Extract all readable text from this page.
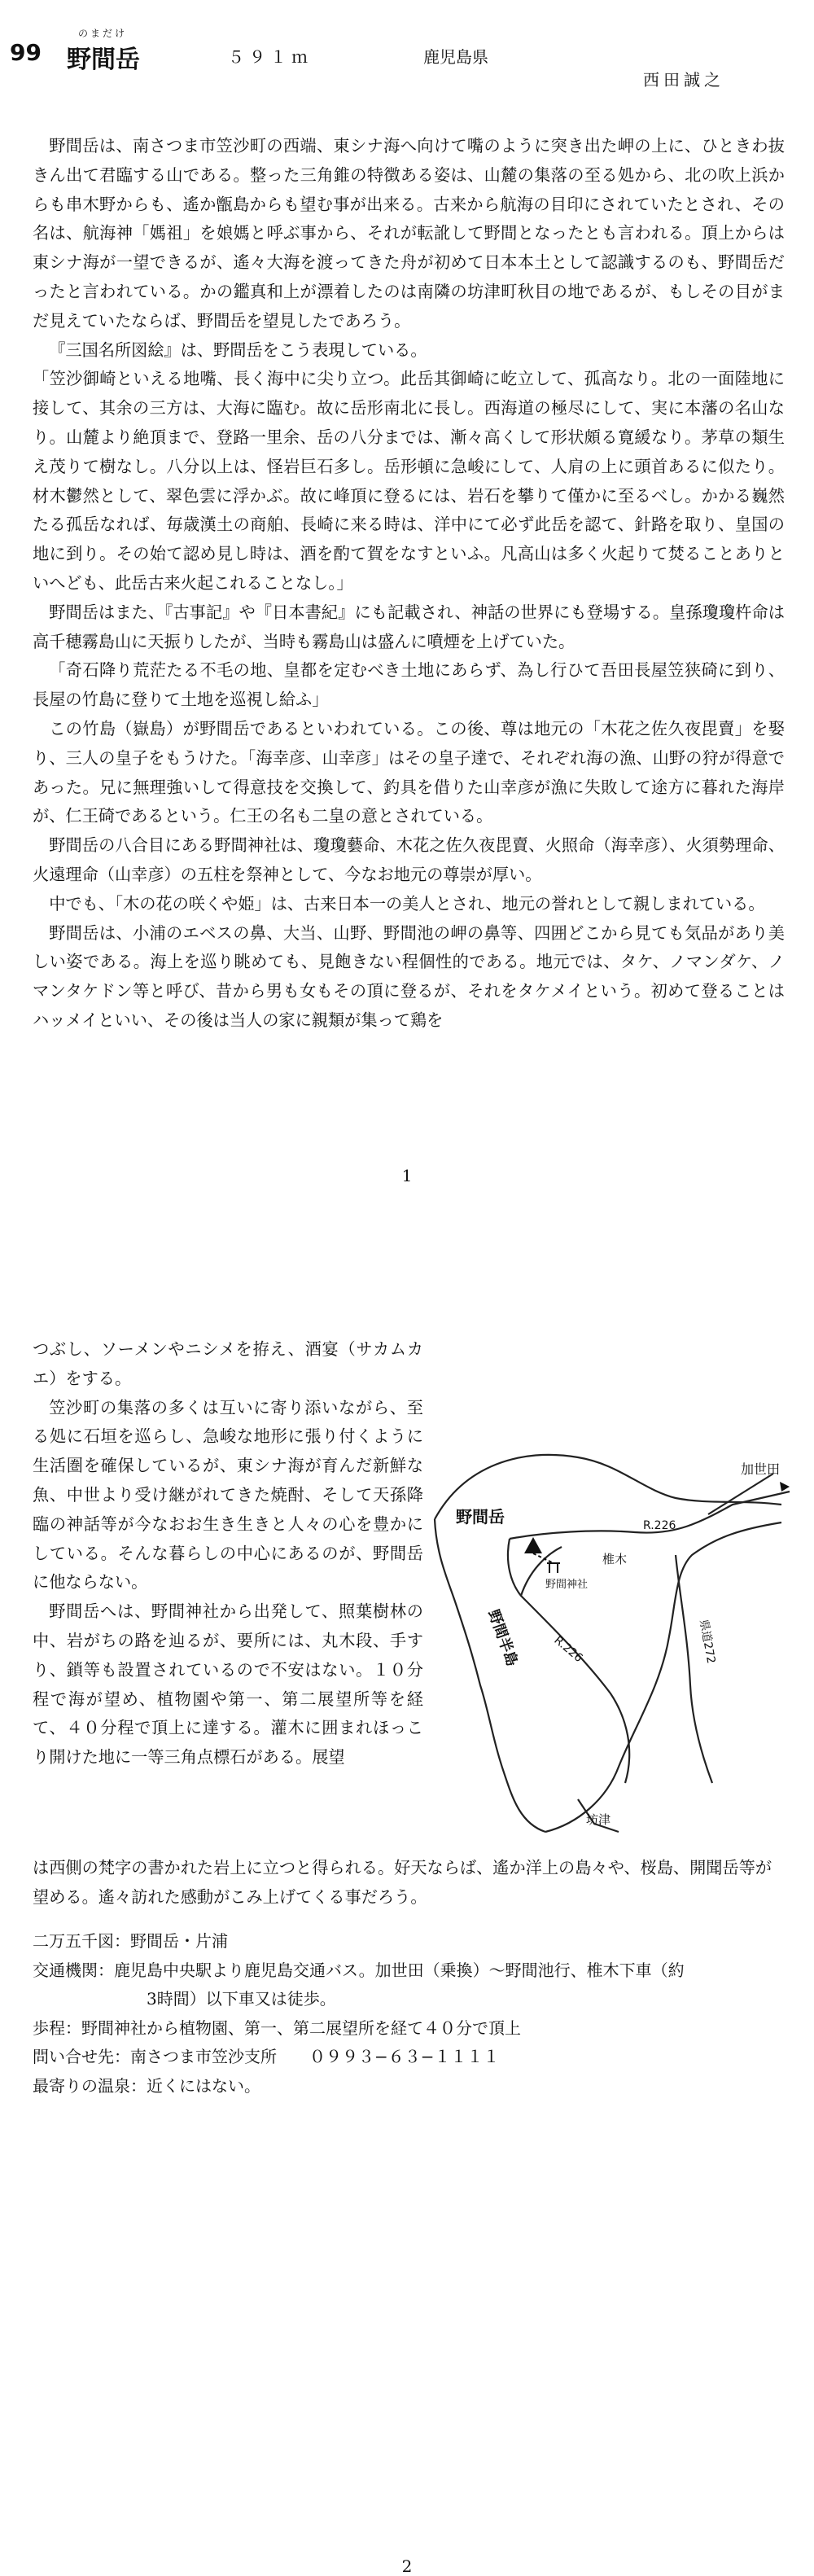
99
のまだけ
野間岳	５９１ｍ	鹿児島県
西田誠之

野間岳は、南さつま市笠沙町の西端、東シナ海へ向けて嘴のように突き出た岬の上に、ひときわ抜きん出て君臨する山である。整った三角錐の特徴ある姿は、山麓の集落の至る処から、北の吹上浜からも串木野からも、遙か甑島からも望む事が出来る。古来から航海の目印にされていたとされ、その名は、航海神「媽祖」を娘媽と呼ぶ事から、それが転訛して野間となったとも言われる。頂上からは東シナ海が一望できるが、遙々大海を渡ってきた舟が初めて日本本土として認識するのも、野間岳だったと言われている。かの鑑真和上が漂着したのは南隣の坊津町秋目の地であるが、もしその目がまだ見えていたならば、野間岳を望見したであろう。

『三国名所図絵』は、野間岳をこう表現している。

「笠沙御崎といえる地嘴、長く海中に尖り立つ。此岳其御崎に屹立して、孤高なり。北の一面陸地に接して、其余の三方は、大海に臨む。故に岳形南北に長し。西海道の極尽にして、実に本藩の名山なり。山麓より絶頂まで、登路一里余、岳の八分までは、漸々高くして形状頗る寛緩なり。茅草の類生え茂りて樹なし。八分以上は、怪岩巨石多し。岳形頓に急峻にして、人肩の上に頭首あるに似たり。材木鬱然として、翠色雲に浮かぶ。故に峰頂に登るには、岩石を攀りて僅かに至るべし。かかる巍然たる孤岳なれば、毎歳漢土の商舶、長崎に来る時は、洋中にて必ず此岳を認て、針路を取り、皇国の地に到り。その始て認め見し時は、酒を酌て賀をなすといふ。凡高山は多く火起りて焚ることありといへども、此岳古来火起これることなし。」

野間岳はまた、『古事記』や『日本書紀』にも記載され、神話の世界にも登場する。皇孫瓊瓊杵命は高千穂霧島山に天振りしたが、当時も霧島山は盛んに噴煙を上げていた。

「奇石降り荒茫たる不毛の地、皇都を定むべき土地にあらず、為し行ひて吾田長屋笠狭碕に到り、長屋の竹島に登りて土地を巡視し給ふ」

この竹島（嶽島）が野間岳であるといわれている。この後、尊は地元の「木花之佐久夜毘賣」を娶り、三人の皇子をもうけた。「海幸彦、山幸彦」はその皇子達で、それぞれ海の漁、山野の狩が得意であった。兄に無理強いして得意技を交換して、釣具を借りた山幸彦が漁に失敗して途方に暮れた海岸が、仁王碕であるという。仁王の名も二皇の意とされている。

野間岳の八合目にある野間神社は、瓊瓊藝命、木花之佐久夜毘賣、火照命（海幸彦）、火須勢理命、火遠理命（山幸彦）の五柱を祭神として、今なお地元の尊崇が厚い。

中でも、「木の花の咲くや姫」は、古来日本一の美人とされ、地元の誉れとして親しまれている。

野間岳は、小浦のエベスの鼻、大当、山野、野間池の岬の鼻等、四囲どこから見ても気品があり美しい姿である。海上を巡り眺めても、見飽きない程個性的である。地元では、タケ、ノマンダケ、ノマンタケドン等と呼び、昔から男も女もその頂に登るが、それをタケメイという。初めて登ることはハッメイといい、その後は当人の家に親類が集って鶏を

1

つぶし、ソーメンやニシメを拵え、酒宴（サカムカエ）をする。

笠沙町の集落の多くは互いに寄り添いながら、至る処に石垣を巡らし、急峻な地形に張り付くように生活圏を確保しているが、東シナ海が育んだ新鮮な魚、中世より受け継がれてきた焼酎、そして天孫降臨の神話等が今なおお生き生きと人々の心を豊かにしている。そんな暮らしの中心にあるのが、野間岳に他ならない。

野間岳へは、野間神社から出発して、照葉樹林の中、岩がちの路を辿るが、要所には、丸木段、手すり、鎖等も設置されているので不安はない。１０分程で海が望め、植物園や第一、第二展望所等を経て、４０分程で頂上に達する。灌木に囲まれほっこり開けた地に一等三角点標石がある。展望

野間岳
野間神社
椎木
加世田
R.226
R.226	県道272
野間半島
坊津
は西側の梵字の書かれた岩上に立つと得られる。好天ならば、遙か洋上の島々や、桜島、開聞岳等が望める。遙々訪れた感動がこみ上げてくる事だろう。
二万五千図：野間岳・片浦
交通機関：鹿児島中央駅より鹿児島交通バス。加世田（乗換）〜野間池行、椎木下車（約
3時間）以下車又は徒歩。
歩程：野間神社から植物園、第一、第二展望所を経て４０分で頂上
問い合せ先：南さつま市笠沙支所　　０９９３−６３−１１１１
最寄りの温泉：近くにはない。
2
